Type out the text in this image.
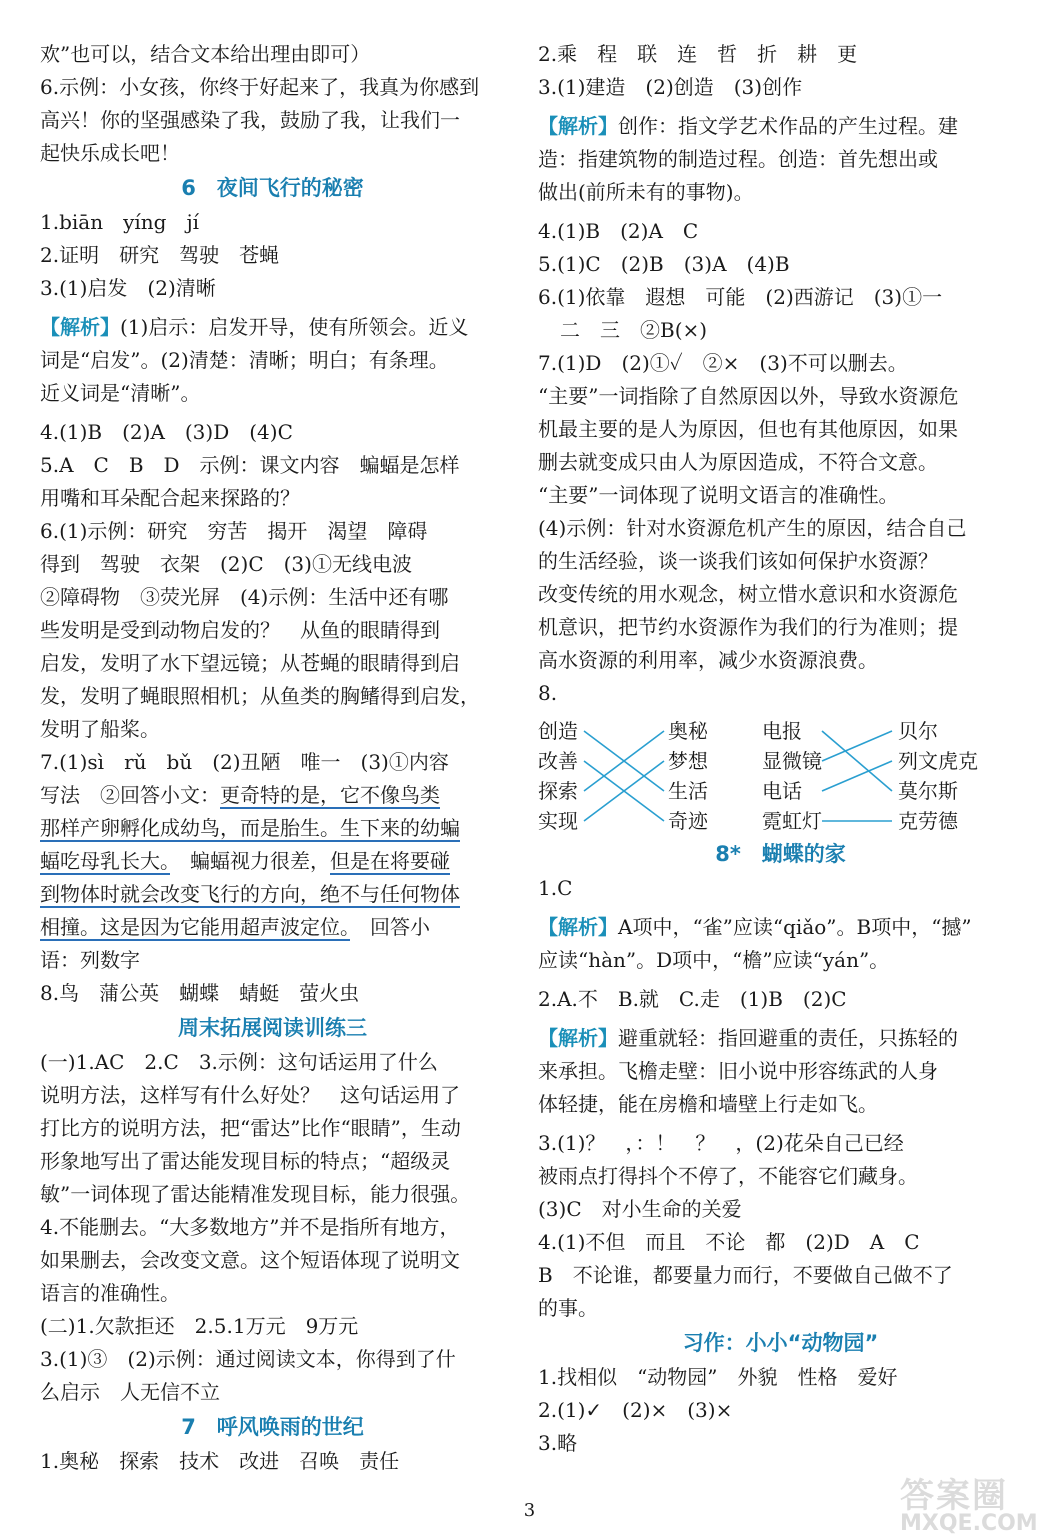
欢”也可以，结合文本给出理由即可）

6.示例：小女孩，你终于好起来了，我真为你感到

高兴！你的坚强感染了我，鼓励了我，让我们一

起快乐成长吧！

6　夜间飞行的秘密

1.biān　yíng　jí

2.证明　研究　驾驶　苍蝇

3.(1)启发　(2)清晰

【解析】(1)启示：启发开导，使有所领会。近义

词是“启发”。(2)清楚：清晰；明白；有条理。

近义词是“清晰”。

4.(1)B　(2)A　(3)D　(4)C

5.A　C　B　D　示例：课文内容　蝙蝠是怎样

用嘴和耳朵配合起来探路的？

6.(1)示例：研究　穷苦　揭开　渴望　障碍

得到　驾驶　衣架　(2)C　(3)①无线电波

②障碍物　③荧光屏　(4)示例：生活中还有哪

些发明是受到动物启发的？　从鱼的眼睛得到

启发，发明了水下望远镜；从苍蝇的眼睛得到启

发，发明了蝇眼照相机；从鱼类的胸鳍得到启发，

发明了船桨。

7.(1)sì　rǔ　bǔ　(2)丑陋　唯一　(3)①内容

写法　②回答小文：更奇特的是，它不像鸟类

那样产卵孵化成幼鸟，而是胎生。生下来的幼蝙

蝠吃母乳长大。　蝙蝠视力很差，但是在将要碰

到物体时就会改变飞行的方向，绝不与任何物体

相撞。这是因为它能用超声波定位。　回答小

语：列数字

8.鸟　蒲公英　蝴蝶　蜻蜓　萤火虫

周末拓展阅读训练三

(一)1.AC　2.C　3.示例：这句话运用了什么

说明方法，这样写有什么好处？　这句话运用了

打比方的说明方法，把“雷达”比作“眼睛”，生动

形象地写出了雷达能发现目标的特点；“超级灵

敏”一词体现了雷达能精准发现目标，能力很强。

4.不能删去。“大多数地方”并不是指所有地方，

如果删去，会改变文意。这个短语体现了说明文

语言的准确性。

(二)1.欠款拒还　2.5.1万元　9万元

3.(1)③　(2)示例：通过阅读文本，你得到了什

么启示　人无信不立

7　呼风唤雨的世纪

1.奥秘　探索　技术　改进　召唤　责任

2.乘　程　联　连　哲　折　耕　更

3.(1)建造　(2)创造　(3)创作

【解析】创作：指文学艺术作品的产生过程。建

造：指建筑物的制造过程。创造：首先想出或

做出(前所未有的事物)。

4.(1)B　(2)A　C

5.(1)C　(2)B　(3)A　(4)B

6.(1)依靠　遐想　可能　(2)西游记　(3)①一

二　三　②B(×)

7.(1)D　(2)①✓　②×　(3)不可以删去。

“主要”一词指除了自然原因以外，导致水资源危

机最主要的是人为原因，但也有其他原因，如果

删去就变成只由人为原因造成，不符合文意。

“主要”一词体现了说明文语言的准确性。

(4)示例：针对水资源危机产生的原因，结合自己

的生活经验，谈一谈我们该如何保护水资源？

改变传统的用水观念，树立惜水意识和水资源危

机意识，把节约水资源作为我们的行为准则；提

高水资源的利用率，减少水资源浪费。

8.

创造
改善
探索
实现
奥秘
梦想
生活
奇迹
电报
显微镜
电话
霓虹灯
贝尔
列文虎克
莫尔斯
克劳德

8*　蝴蝶的家

1.C

【解析】A项中，“雀”应读“qiǎo”。B项中，“撼”

应读“hàn”。D项中，“檐”应读“yán”。

2.A.不　B.就　C.走　(1)B　(2)C

【解析】避重就轻：指回避重的责任，只拣轻的

来承担。飞檐走壁：旧小说中形容练武的人身

体轻捷，能在房檐和墙壁上行走如飞。

3.(1)？　，：！　？　，(2)花朵自己已经

被雨点打得抖个不停了，不能容它们藏身。

(3)C　对小生命的关爱

4.(1)不但　而且　不论　都　(2)D　A　C

B　不论谁，都要量力而行，不要做自己做不了

的事。

习作：小小“动物园”

1.找相似　“动物园”　外貌　性格　爱好

2.(1)✓　(2)×　(3)×

3.略

3	答案圈
MXQE.COM
